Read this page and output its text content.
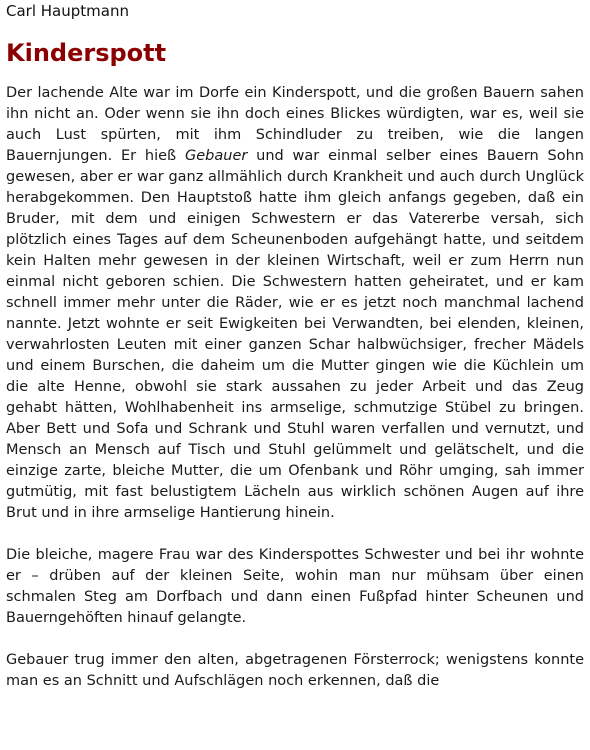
Carl Hauptmann
Kinderspott

Der lachende Alte war im Dorfe ein Kinderspott, und die großen Bauern sahen ihn nicht an. Oder wenn sie ihn doch eines Blickes würdigten, war es, weil sie auch Lust spürten, mit ihm Schindluder zu treiben, wie die langen Bauernjungen. Er hieß Gebauer und war einmal selber eines Bauern Sohn gewesen, aber er war ganz allmählich durch Krankheit und auch durch Unglück herabgekommen. Den Hauptstoß hatte ihm gleich anfangs gegeben, daß ein Bruder, mit dem und einigen Schwestern er das Vatererbe versah, sich plötzlich eines Tages auf dem Scheunenboden aufgehängt hatte, und seitdem kein Halten mehr gewesen in der kleinen Wirtschaft, weil er zum Herrn nun einmal nicht geboren schien. Die Schwestern hatten geheiratet, und er kam schnell immer mehr unter die Räder, wie er es jetzt noch manchmal lachend nannte. Jetzt wohnte er seit Ewigkeiten bei Verwandten, bei elenden, kleinen, verwahrlosten Leuten mit einer ganzen Schar halbwüchsiger, frecher Mädels und einem Burschen, die daheim um die Mutter gingen wie die Küchlein um die alte Henne, obwohl sie stark aussahen zu jeder Arbeit und das Zeug gehabt hätten, Wohlhabenheit ins armselige, schmutzige Stübel zu bringen. Aber Bett und Sofa und Schrank und Stuhl waren verfallen und vernutzt, und Mensch an Mensch auf Tisch und Stuhl gelümmelt und gelätschelt, und die einzige zarte, bleiche Mutter, die um Ofenbank und Röhr umging, sah immer gutmütig, mit fast belustigtem Lächeln aus wirklich schönen Augen auf ihre Brut und in ihre armselige Hantierung hinein.

Die bleiche, magere Frau war des Kinderspottes Schwester und bei ihr wohnte er – drüben auf der kleinen Seite, wohin man nur mühsam über einen schmalen Steg am Dorfbach und dann einen Fußpfad hinter Scheunen und Bauerngehöften hinauf gelangte.

Gebauer trug immer den alten, abgetragenen Försterrock; wenigstens konnte man es an Schnitt und Aufschlägen noch erkennen, daß die
